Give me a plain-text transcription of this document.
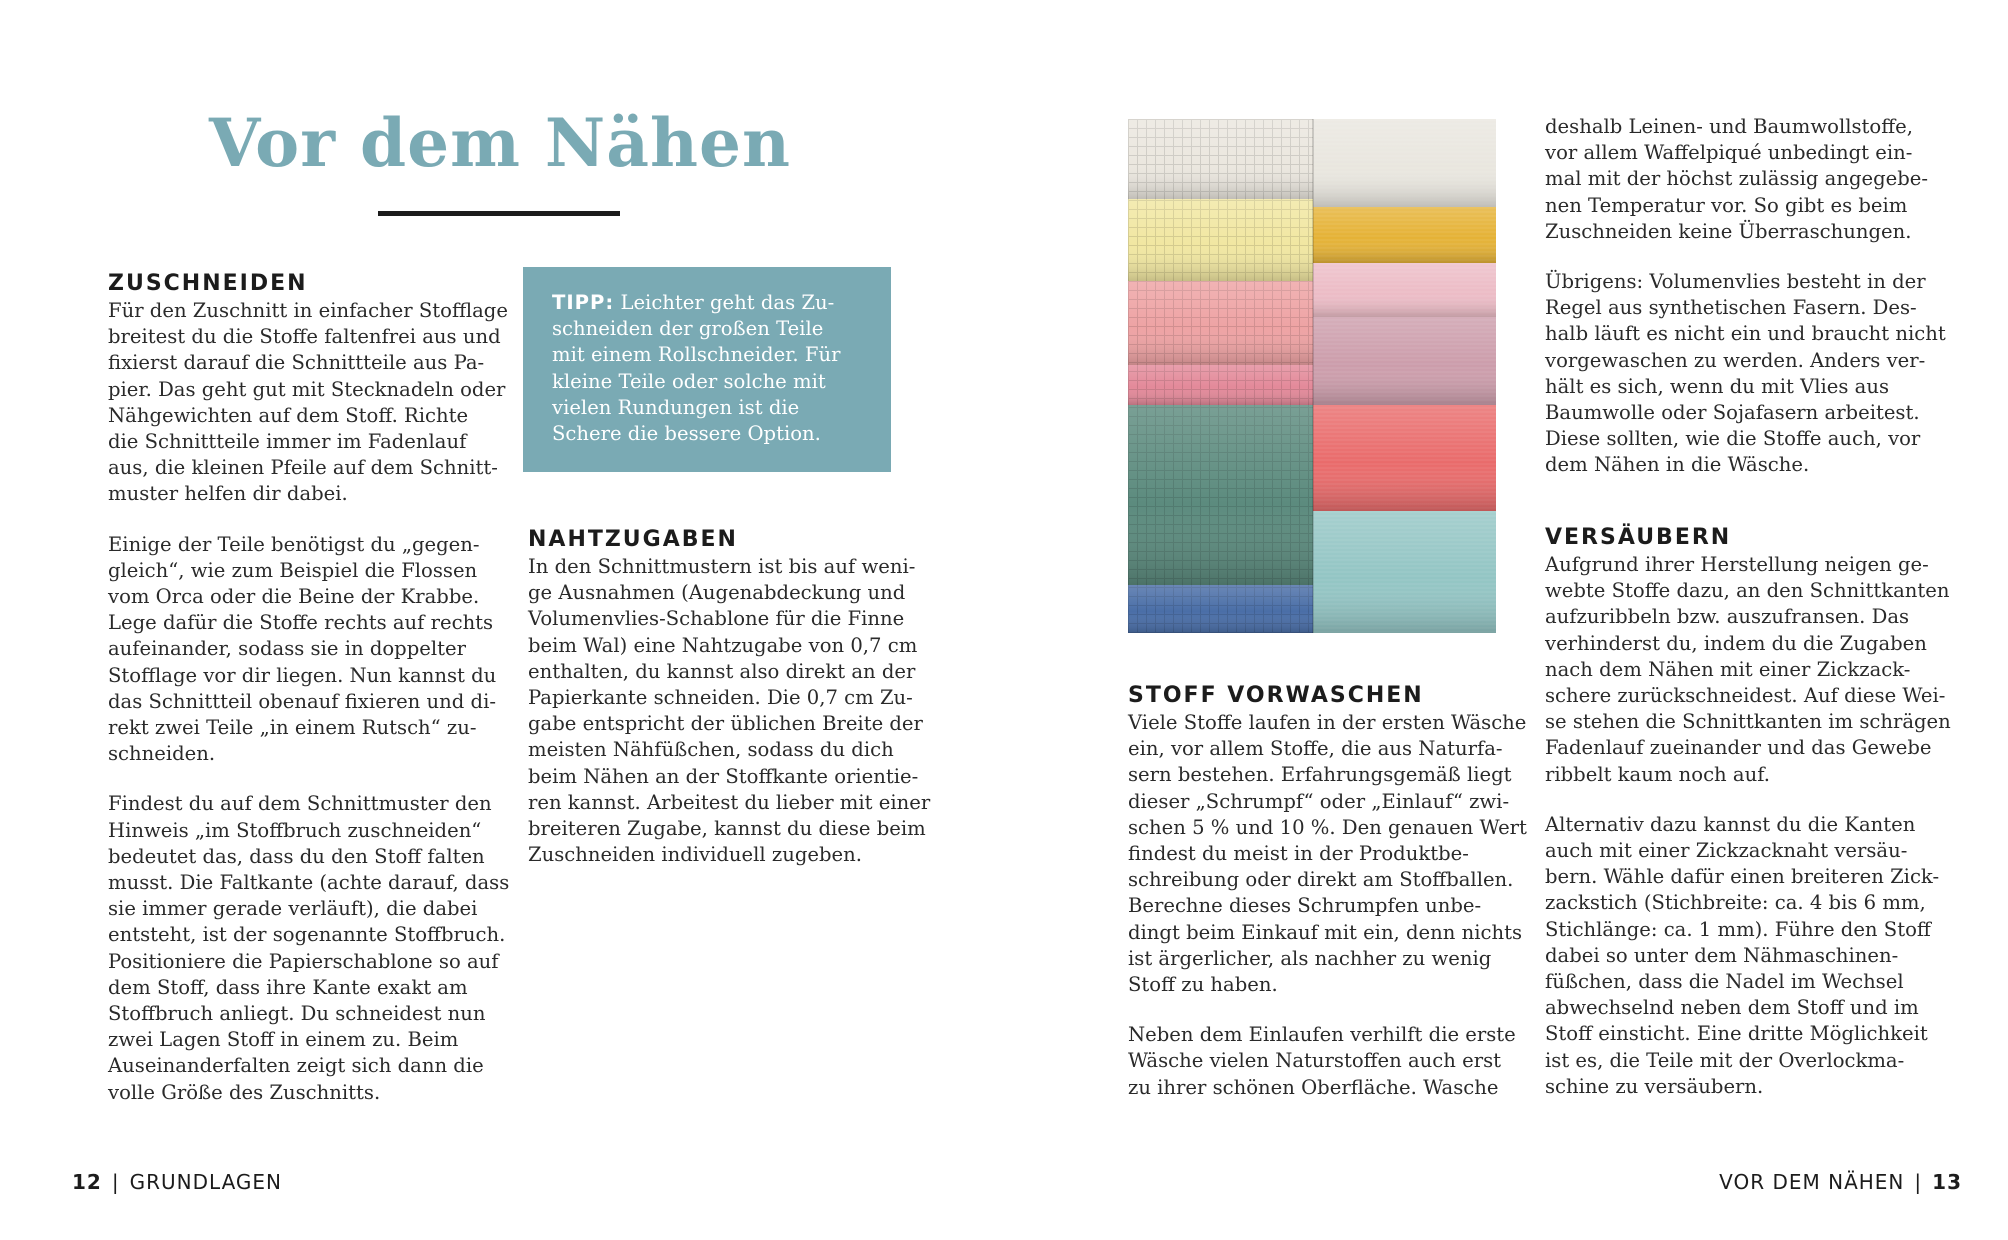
Vor dem Nähen
ZUSCHNEIDEN

Für den Zuschnitt in einfacher Stofflage
breitest du die Stoffe faltenfrei aus und
fixierst darauf die Schnittteile aus Pa-
pier. Das geht gut mit Stecknadeln oder
Nähgewichten auf dem Stoff. Richte
die Schnittteile immer im Fadenlauf
aus, die kleinen Pfeile auf dem Schnitt-
muster helfen dir dabei.

Einige der Teile benötigst du „gegen-
gleich“, wie zum Beispiel die Flossen
vom Orca oder die Beine der Krabbe.
Lege dafür die Stoffe rechts auf rechts
aufeinander, sodass sie in doppelter
Stofflage vor dir liegen. Nun kannst du
das Schnittteil obenauf fixieren und di-
rekt zwei Teile „in einem Rutsch“ zu-
schneiden.

Findest du auf dem Schnittmuster den
Hinweis „im Stoffbruch zuschneiden“
bedeutet das, dass du den Stoff falten
musst. Die Faltkante (achte darauf, dass
sie immer gerade verläuft), die dabei
entsteht, ist der sogenannte Stoffbruch.
Positioniere die Papierschablone so auf
dem Stoff, dass ihre Kante exakt am
Stoffbruch anliegt. Du schneidest nun
zwei Lagen Stoff in einem zu. Beim
Auseinanderfalten zeigt sich dann die
volle Größe des Zuschnitts.

TIPP: Leichter geht das Zu-
schneiden der großen Teile
mit einem Rollschneider. Für
kleine Teile oder solche mit
vielen Rundungen ist die
Schere die bessere Option.
NAHTZUGABEN

In den Schnittmustern ist bis auf weni-
ge Ausnahmen (Augenabdeckung und
Volumenvlies-Schablone für die Finne
beim Wal) eine Nahtzugabe von 0,7 cm
enthalten, du kannst also direkt an der
Papierkante schneiden. Die 0,7 cm Zu-
gabe entspricht der üblichen Breite der
meisten Nähfüßchen, sodass du dich
beim Nähen an der Stoffkante orientie-
ren kannst. Arbeitest du lieber mit einer
breiteren Zugabe, kannst du diese beim
Zuschneiden individuell zugeben.

12 | GRUNDLAGEN
STOFF VORWASCHEN

Viele Stoffe laufen in der ersten Wäsche
ein, vor allem Stoffe, die aus Naturfa-
sern bestehen. Erfahrungsgemäß liegt
dieser „Schrumpf“ oder „Einlauf“ zwi-
schen 5 % und 10 %. Den genauen Wert
findest du meist in der Produktbe-
schreibung oder direkt am Stoffballen.
Berechne dieses Schrumpfen unbe-
dingt beim Einkauf mit ein, denn nichts
ist ärgerlicher, als nachher zu wenig
Stoff zu haben.

Neben dem Einlaufen verhilft die erste
Wäsche vielen Naturstoffen auch erst
zu ihrer schönen Oberfläche. Wasche

deshalb Leinen- und Baumwollstoffe,
vor allem Waffelpiqué unbedingt ein-
mal mit der höchst zulässig angegebe-
nen Temperatur vor. So gibt es beim
Zuschneiden keine Überraschungen.

Übrigens: Volumenvlies besteht in der
Regel aus synthetischen Fasern. Des-
halb läuft es nicht ein und braucht nicht
vorgewaschen zu werden. Anders ver-
hält es sich, wenn du mit Vlies aus
Baumwolle oder Sojafasern arbeitest.
Diese sollten, wie die Stoffe auch, vor
dem Nähen in die Wäsche.

VERSÄUBERN

Aufgrund ihrer Herstellung neigen ge-
webte Stoffe dazu, an den Schnittkanten
aufzuribbeln bzw. auszufransen. Das
verhinderst du, indem du die Zugaben
nach dem Nähen mit einer Zickzack-
schere zurückschneidest. Auf diese Wei-
se stehen die Schnittkanten im schrägen
Fadenlauf zueinander und das Gewebe
ribbelt kaum noch auf.

Alternativ dazu kannst du die Kanten
auch mit einer Zickzacknaht versäu-
bern. Wähle dafür einen breiteren Zick-
zackstich (Stichbreite: ca. 4 bis 6 mm,
Stichlänge: ca. 1 mm). Führe den Stoff
dabei so unter dem Nähmaschinen-
füßchen, dass die Nadel im Wechsel
abwechselnd neben dem Stoff und im
Stoff einsticht. Eine dritte Möglichkeit
ist es, die Teile mit der Overlockma-
schine zu versäubern.

VOR DEM NÄHEN | 13
